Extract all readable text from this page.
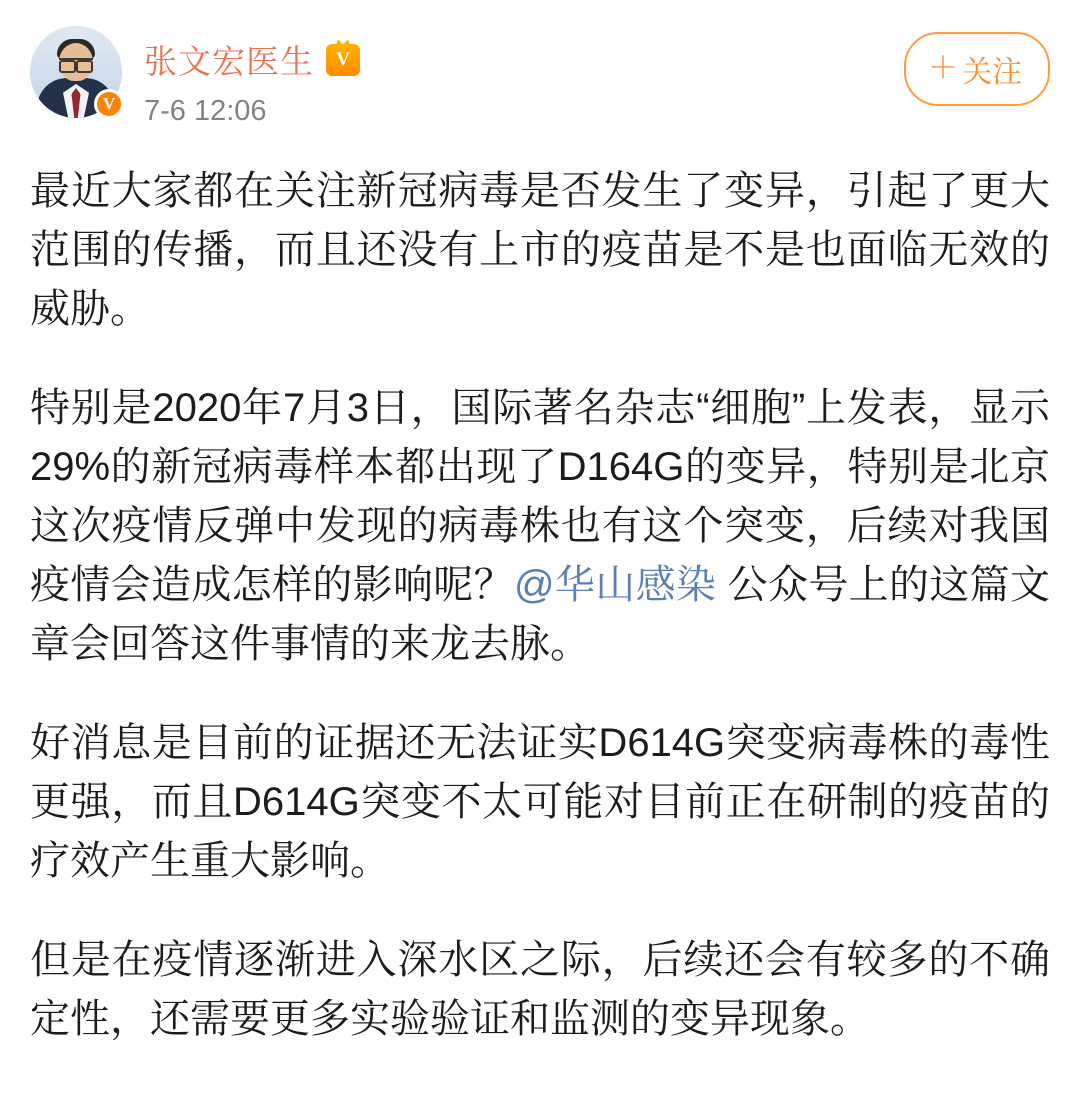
V
张文宏医生
V
7-6 12:06
＋ 关注

最近大家都在关注新冠病毒是否发生了变异，引起了更大范围的传播，而且还没有上市的疫苗是不是也面临无效的威胁。

特别是2020年7月3日，国际著名杂志“细胞”上发表，显示29%的新冠病毒样本都出现了D164G的变异，特别是北京这次疫情反弹中发现的病毒株也有这个突变，后续对我国疫情会造成怎样的影响呢？@华山感染 公众号上的这篇文章会回答这件事情的来龙去脉。

好消息是目前的证据还无法证实D614G突变病毒株的毒性更强，而且D614G突变不太可能对目前正在研制的疫苗的疗效产生重大影响。

但是在疫情逐渐进入深水区之际，后续还会有较多的不确定性，还需要更多实验验证和监测的变异现象。
